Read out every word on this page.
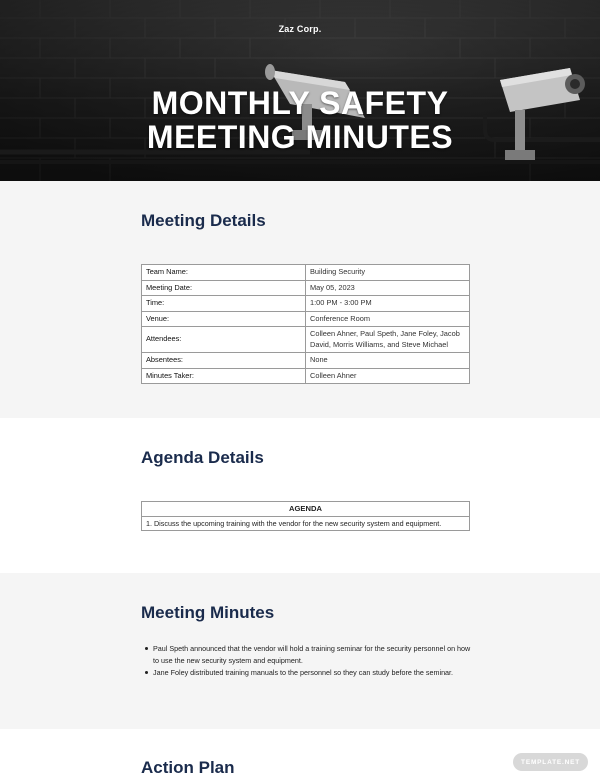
Zaz Corp.
MONTHLY SAFETY
MEETING MINUTES
Meeting Details
Team Name:	Building Security
Meeting Date:	May 05, 2023
Time:	1:00 PM - 3:00 PM
Venue:	Conference Room
Attendees:	Colleen Ahner, Paul Speth, Jane Foley, Jacob David, Morris Williams, and Steve Michael
Absentees:	None
Minutes Taker:	Colleen Ahner
Agenda Details
AGENDA
1. Discuss the upcoming training with the vendor for the new security system and equipment.
Meeting Minutes
Paul Speth announced that the vendor will hold a training seminar for the security personnel on how to use the new security system and equipment.
Jane Foley distributed training manuals to the personnel so they can study before the seminar.
Action Plan	TEMPLATE.NET
